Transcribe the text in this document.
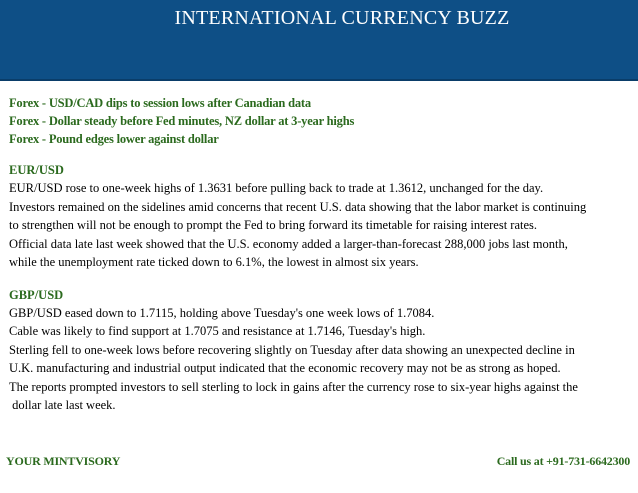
INTERNATIONAL CURRENCY BUZZ
Forex - USD/CAD dips to session lows after Canadian data
Forex - Dollar steady before Fed minutes, NZ dollar at 3-year highs
Forex - Pound edges lower against dollar
EUR/USD
EUR/USD rose to one-week highs of 1.3631 before pulling back to trade at 1.3612, unchanged for the day.
Investors remained on the sidelines amid concerns that recent U.S. data showing that the labor market is continuing
to strengthen will not be enough to prompt the Fed to bring forward its timetable for raising interest rates.
Official data late last week showed that the U.S. economy added a larger-than-forecast 288,000 jobs last month,
while the unemployment rate ticked down to 6.1%, the lowest in almost six years.
GBP/USD
GBP/USD eased down to 1.7115, holding above Tuesday's one week lows of 1.7084.
Cable was likely to find support at 1.7075 and resistance at 1.7146, Tuesday's high.
Sterling fell to one-week lows before recovering slightly on Tuesday after data showing an unexpected decline in
U.K. manufacturing and industrial output indicated that the economic recovery may not be as strong as hoped.
The reports prompted investors to sell sterling to lock in gains after the currency rose to six-year highs against the
dollar late last week.
YOUR MINTVISORY	Call us at +91-731-6642300
